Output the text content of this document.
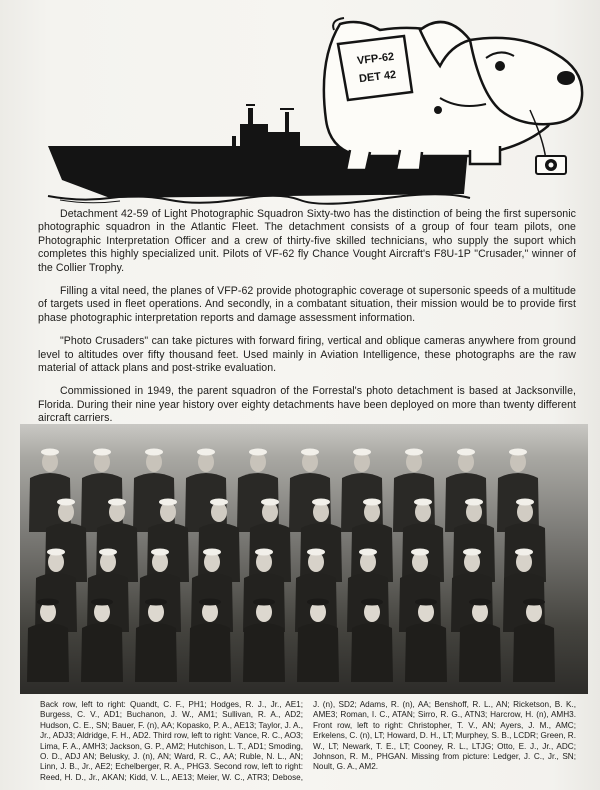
VFP-62
DET 42

Detachment 42-59 of Light Photographic Squadron Sixty-two has the distinction of being the first supersonic photographic squadron in the Atlantic Fleet. The detachment consists of a group of four team pilots, one Photographic Interpretation Officer and a crew of thirty-five skilled technicians, who supply the suport which completes this highly specialized unit. Pilots of VF-62 fly Chance Vought Aircraft's F8U-1P "Crusader," winner of the Collier Trophy.

Filling a vital need, the planes of VFP-62 provide photographic coverage ot supersonic speeds of a multitude of targets used in fleet operations. And secondly, in a combatant situation, their mission would be to provide first phase photographic interpretation reports and damage assessment information.

"Photo Crusaders" can take pictures with forward firing, vertical and oblique cameras anywhere from ground level to altitudes over fifty thousand feet. Used mainly in Aviation Intelligence, these photographs are the raw material of attack plans and post-strike evaluation.

Commissioned in 1949, the parent squadron of the Forrestal's photo detachment is based at Jacksonville, Florida. During their nine year history over eighty detachments have been deployed on more than twenty different aircraft carriers.

Back row, left to right: Quandt, C. F., PH1; Hodges, R. J., Jr., AE1; Burgess, C. V., AD1; Buchanon, J. W., AM1; Sullivan, R. A., AD2; Hudson, C. E., SN; Bauer, F. (n), AA; Kopasko, P. A., AE13; Taylor, J. A., Jr., ADJ3; Aldridge, F. H., AD2. Third row, left to right: Vance, R. C., AO3; Lima, F. A., AMH3; Jackson, G. P., AM2; Hutchison, L. T., AD1; Smoding, O. D., ADJ AN; Belusky, J. (n), AN; Ward, R. C., AA; Ruble, N. L., AN; Linn, J. B., Jr., AE2; Echelberger, R. A., PHG3. Second row, left to right: Reed, H. D., Jr., AKAN; Kidd, V. L., AE13; Meier, W. C., ATR3; Debose, J. (n), SD2; Adams, R. (n), AA; Benshoff, R. L., AN; Ricketson, B. K., AME3; Roman, I. C., ATAN; Sirro, R. G., ATN3; Harcrow, H. (n), AMH3. Front row, left to right: Christopher, T. V., AN; Ayers, J. M., AMC; Erkelens, C. (n), LT; Howard, D. H., LT; Murphey, S. B., LCDR; Green, R. W., LT; Newark, T. E., LT; Cooney, R. L., LTJG; Otto, E. J., Jr., ADC; Johnson, R. M., PHGAN. Missing from picture: Ledger, J. C., Jr., SN; Noult, G. A., AM2.
